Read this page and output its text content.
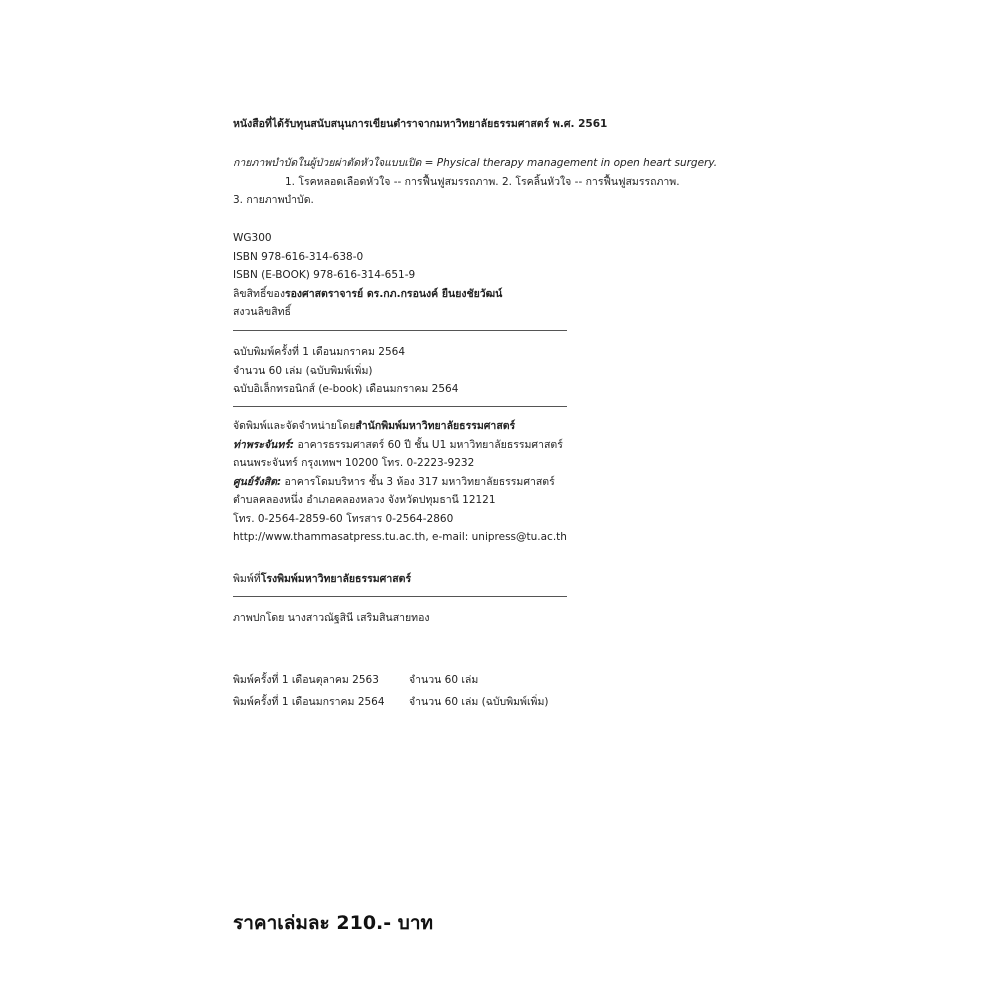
หนังสือที่ได้รับทุนสนับสนุนการเขียนตำราจากมหาวิทยาลัยธรรมศาสตร์ พ.ศ. 2561
กายภาพบำบัดในผู้ป่วยผ่าตัดหัวใจแบบเปิด = Physical therapy management in open heart surgery.
1. โรคหลอดเลือดหัวใจ -- การฟื้นฟูสมรรถภาพ. 2. โรคลิ้นหัวใจ -- การฟื้นฟูสมรรถภาพ.
3. กายภาพบำบัด.
WG300
ISBN 978-616-314-638-0
ISBN (E-BOOK) 978-616-314-651-9
ลิขสิทธิ์ของรองศาสตราจารย์ ดร.กภ.กรอนงค์ ยืนยงชัยวัฒน์
สงวนลิขสิทธิ์
ฉบับพิมพ์ครั้งที่ 1 เดือนมกราคม 2564
จำนวน 60 เล่ม (ฉบับพิมพ์เพิ่ม)
ฉบับอิเล็กทรอนิกส์ (e-book) เดือนมกราคม 2564
จัดพิมพ์และจัดจำหน่ายโดยสำนักพิมพ์มหาวิทยาลัยธรรมศาสตร์
ท่าพระจันทร์: อาคารธรรมศาสตร์ 60 ปี ชั้น U1 มหาวิทยาลัยธรรมศาสตร์
ถนนพระจันทร์ กรุงเทพฯ 10200 โทร. 0-2223-9232
ศูนย์รังสิต: อาคารโดมบริหาร ชั้น 3 ห้อง 317 มหาวิทยาลัยธรรมศาสตร์
ตำบลคลองหนึ่ง อำเภอคลองหลวง จังหวัดปทุมธานี 12121
โทร. 0-2564-2859-60 โทรสาร 0-2564-2860
http://www.thammasatpress.tu.ac.th, e-mail: unipress@tu.ac.th
พิมพ์ที่โรงพิมพ์มหาวิทยาลัยธรรมศาสตร์
ภาพปกโดย นางสาวณัฐสินี เสริมสินสายทอง
พิมพ์ครั้งที่ 1 เดือนตุลาคม 2563	จำนวน 60 เล่ม
พิมพ์ครั้งที่ 1 เดือนมกราคม 2564 จำนวน 60 เล่ม (ฉบับพิมพ์เพิ่ม)
ราคาเล่มละ 210.- บาท
